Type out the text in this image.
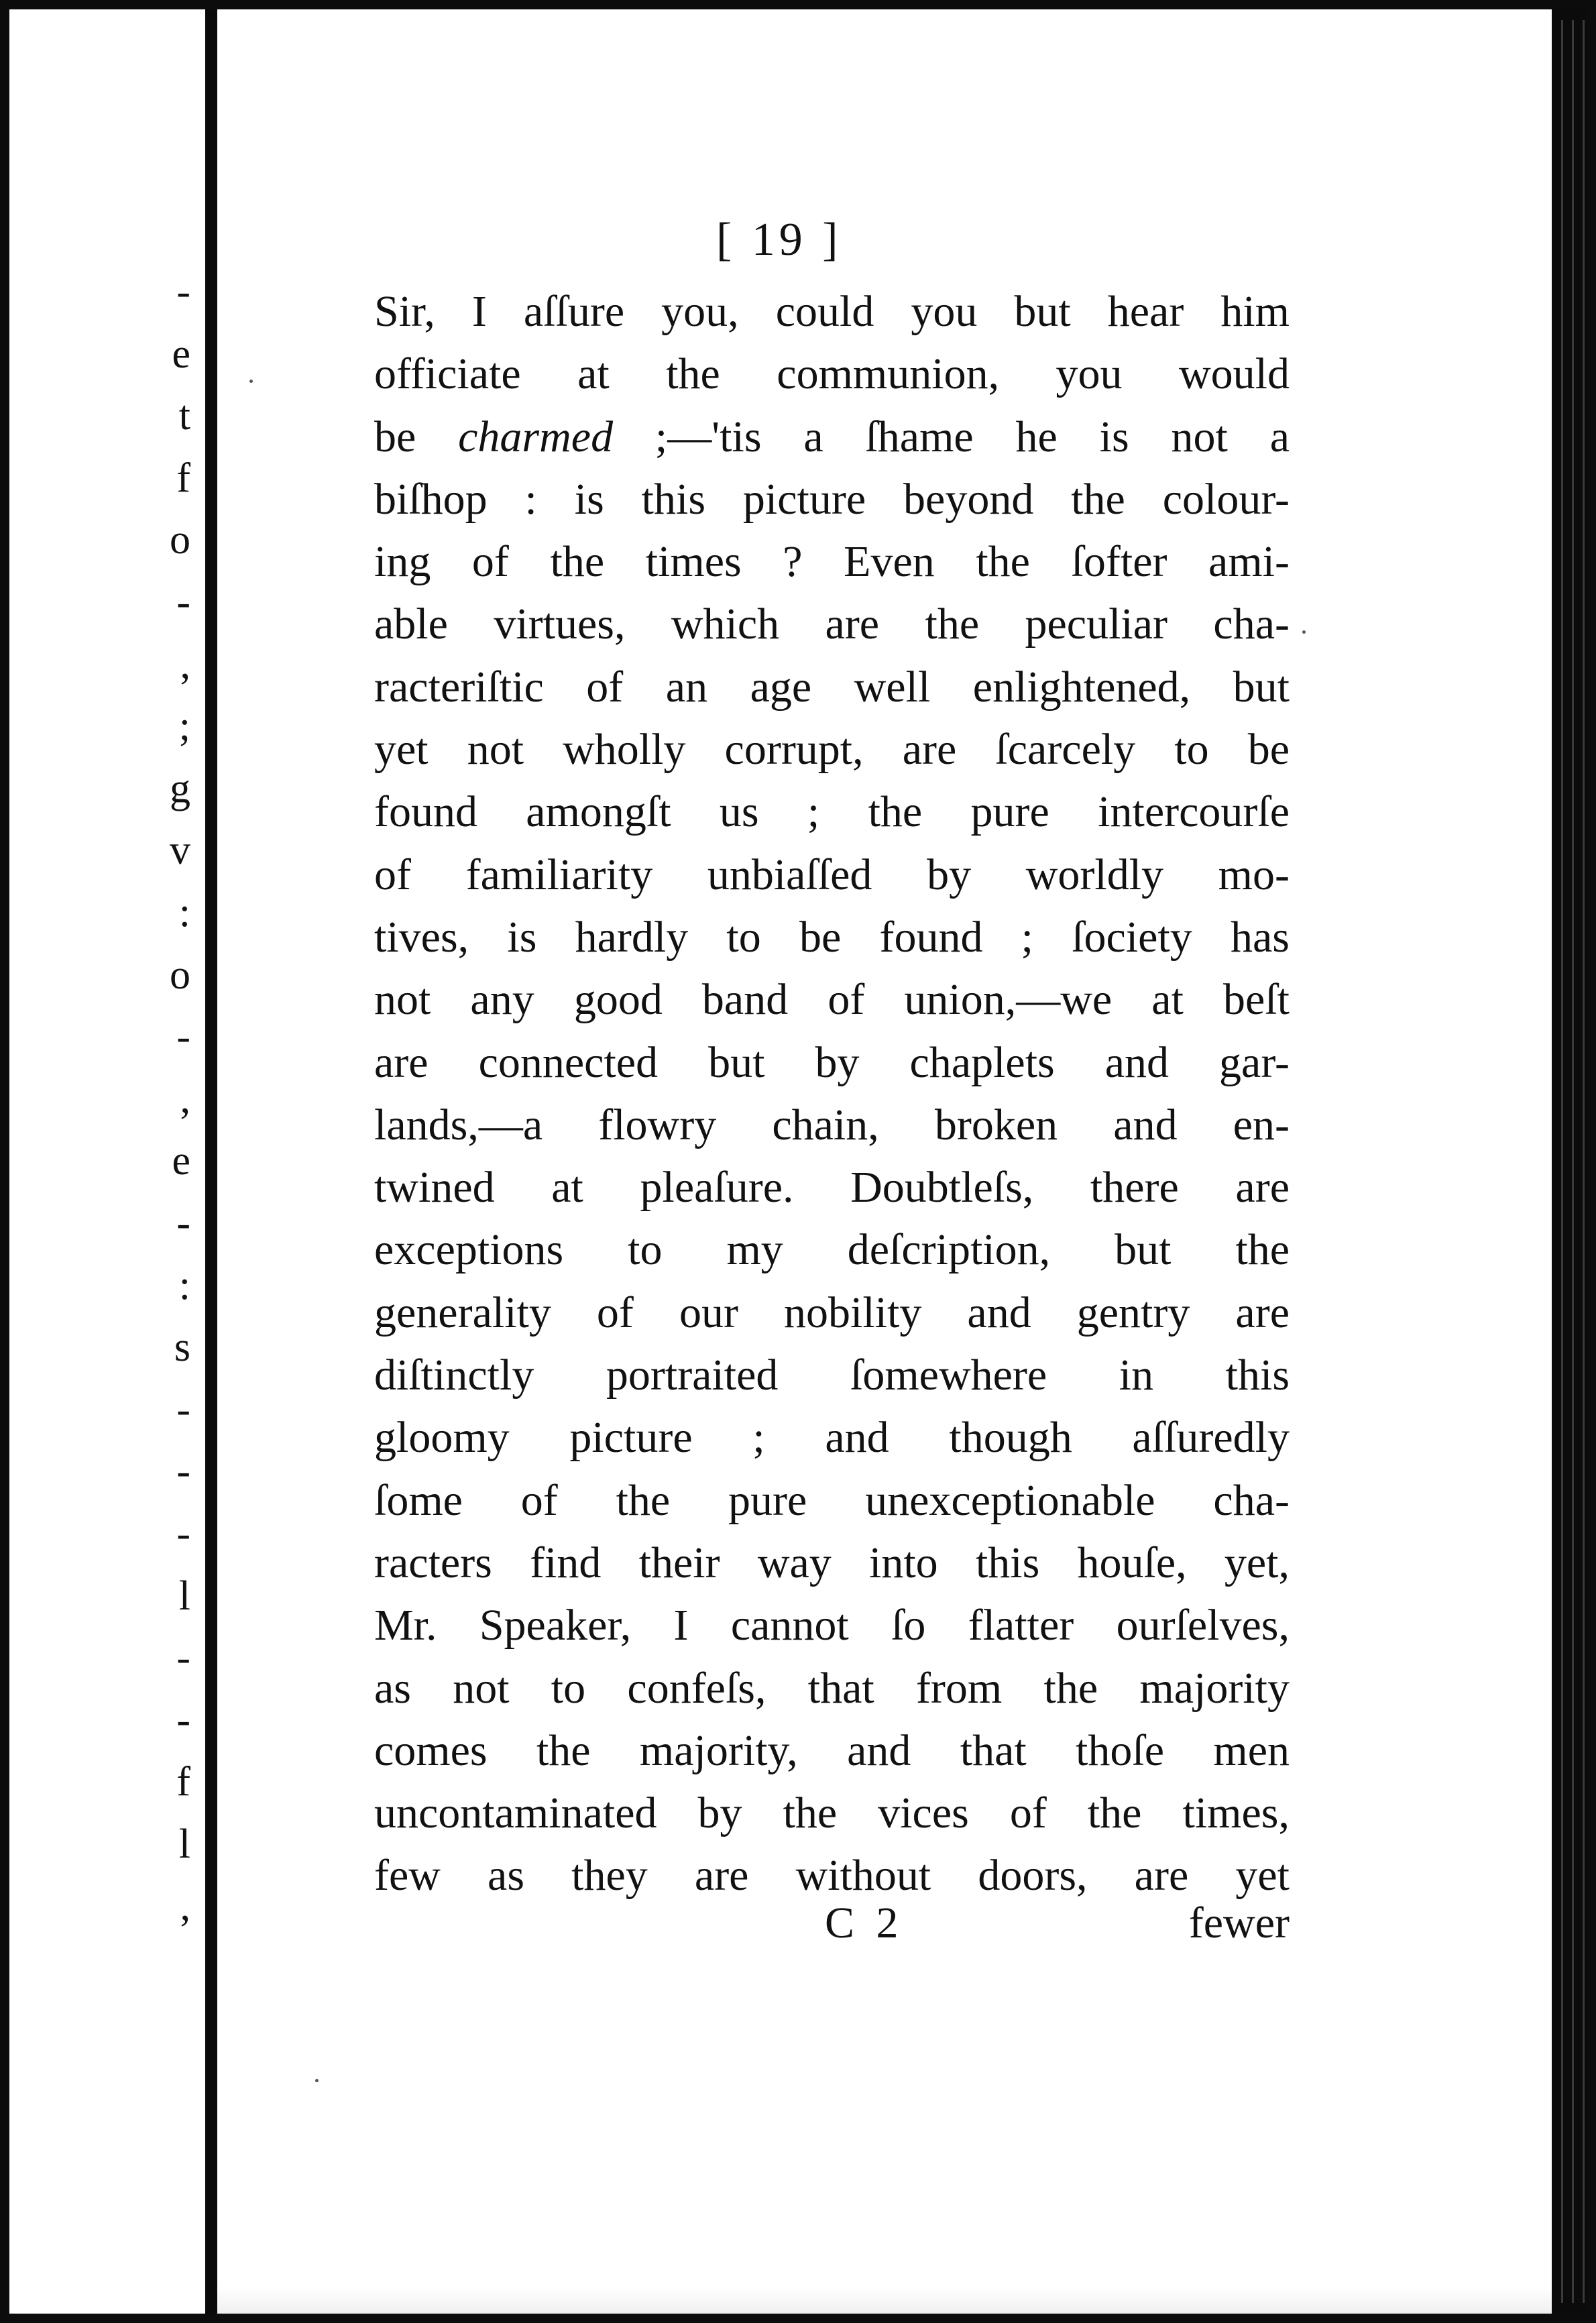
-
e
t
f
o
-
,
;
g
v
:
o
-
,
e
-
:
s
-
-
-
l
-
-
f
l
,
[ 19 ]
Sir, I aſſure you, could you but hear him
officiate at the communion, you would
be charmed ;—'tis a ſhame he is not a
biſhop : is this picture beyond the colour-
ing of the times ? Even the ſofter ami-
able virtues, which are the peculiar cha-
racteriſtic of an age well enlightened, but
yet not wholly corrupt, are ſcarcely to be
found amongſt us ; the pure intercourſe
of familiarity unbiaſſed by worldly mo-
tives, is hardly to be found ; ſociety has
not any good band of union,—we at beſt
are connected but by chaplets and gar-
lands,—a flowry chain, broken and en-
twined at pleaſure. Doubtleſs, there are
exceptions to my deſcription, but the
generality of our nobility and gentry are
diſtinctly portraited ſomewhere in this
gloomy picture ; and though aſſuredly
ſome of the pure unexceptionable cha-
racters find their way into this houſe, yet,
Mr. Speaker, I cannot ſo flatter ourſelves,
as not to confeſs, that from the majority
comes the majority, and that thoſe men
uncontaminated by the vices of the times,
few as they are without doors, are yet
C 2	fewer
